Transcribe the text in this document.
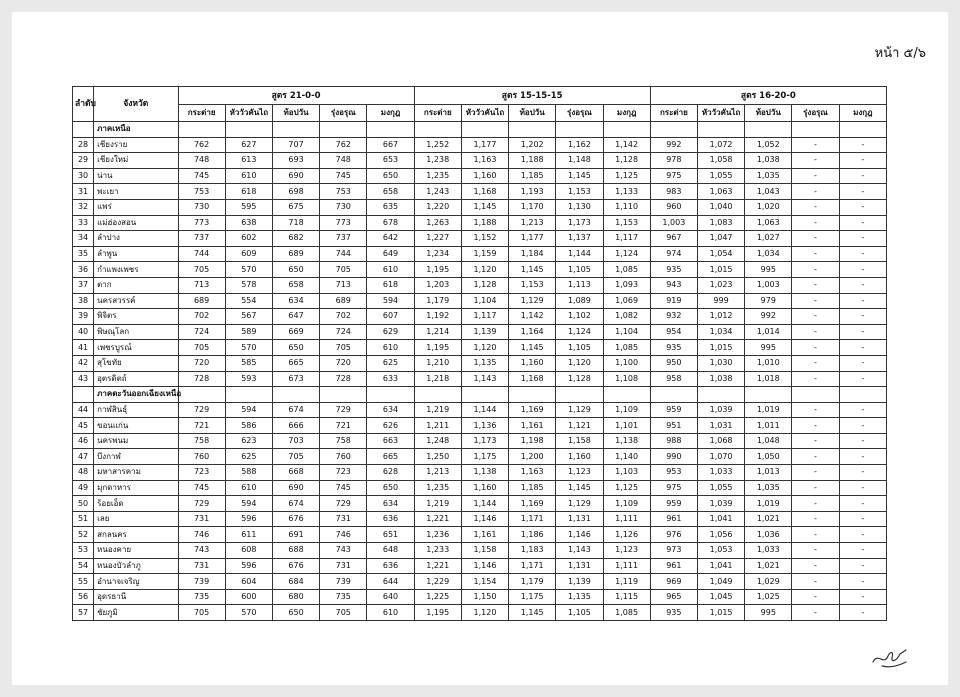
หน้า ๕/๖
ลำดับ	จังหวัด	สูตร 21-0-0					สูตร 15-15-15					สูตร 16-20-0				
		กระต่าย	หัววัวคันไถ	ท้อปวัน	รุ่งอรุณ	มงกุฎ	กระต่าย	หัววัวคันไถ	ท้อปวัน	รุ่งอรุณ	มงกุฎ	กระต่าย	หัววัวคันไถ	ท้อปวัน	รุ่งอรุณ	มงกุฎ
	ภาคเหนือ															
28	เชียงราย	762	627	707	762	667	1,252	1,177	1,202	1,162	1,142	992	1,072	1,052	-	-
29	เชียงใหม่	748	613	693	748	653	1,238	1,163	1,188	1,148	1,128	978	1,058	1,038	-	-
30	น่าน	745	610	690	745	650	1,235	1,160	1,185	1,145	1,125	975	1,055	1,035	-	-
31	พะเยา	753	618	698	753	658	1,243	1,168	1,193	1,153	1,133	983	1,063	1,043	-	-
32	แพร่	730	595	675	730	635	1,220	1,145	1,170	1,130	1,110	960	1,040	1,020	-	-
33	แม่ฮ่องสอน	773	638	718	773	678	1,263	1,188	1,213	1,173	1,153	1,003	1,083	1,063	-	-
34	ลำปาง	737	602	682	737	642	1,227	1,152	1,177	1,137	1,117	967	1,047	1,027	-	-
35	ลำพูน	744	609	689	744	649	1,234	1,159	1,184	1,144	1,124	974	1,054	1,034	-	-
36	กำแพงเพชร	705	570	650	705	610	1,195	1,120	1,145	1,105	1,085	935	1,015	995	-	-
37	ตาก	713	578	658	713	618	1,203	1,128	1,153	1,113	1,093	943	1,023	1,003	-	-
38	นครสวรรค์	689	554	634	689	594	1,179	1,104	1,129	1,089	1,069	919	999	979	-	-
39	พิจิตร	702	567	647	702	607	1,192	1,117	1,142	1,102	1,082	932	1,012	992	-	-
40	พิษณุโลก	724	589	669	724	629	1,214	1,139	1,164	1,124	1,104	954	1,034	1,014	-	-
41	เพชรบูรณ์	705	570	650	705	610	1,195	1,120	1,145	1,105	1,085	935	1,015	995	-	-
42	สุโขทัย	720	585	665	720	625	1,210	1,135	1,160	1,120	1,100	950	1,030	1,010	-	-
43	อุตรดิตถ์	728	593	673	728	633	1,218	1,143	1,168	1,128	1,108	958	1,038	1,018	-	-
	ภาคตะวันออกเฉียงเหนือ															
44	กาฬสินธุ์	729	594	674	729	634	1,219	1,144	1,169	1,129	1,109	959	1,039	1,019	-	-
45	ขอนแก่น	721	586	666	721	626	1,211	1,136	1,161	1,121	1,101	951	1,031	1,011	-	-
46	นครพนม	758	623	703	758	663	1,248	1,173	1,198	1,158	1,138	988	1,068	1,048	-	-
47	บึงกาฬ	760	625	705	760	665	1,250	1,175	1,200	1,160	1,140	990	1,070	1,050	-	-
48	มหาสารคาม	723	588	668	723	628	1,213	1,138	1,163	1,123	1,103	953	1,033	1,013	-	-
49	มุกดาหาร	745	610	690	745	650	1,235	1,160	1,185	1,145	1,125	975	1,055	1,035	-	-
50	ร้อยเอ็ด	729	594	674	729	634	1,219	1,144	1,169	1,129	1,109	959	1,039	1,019	-	-
51	เลย	731	596	676	731	636	1,221	1,146	1,171	1,131	1,111	961	1,041	1,021	-	-
52	สกลนคร	746	611	691	746	651	1,236	1,161	1,186	1,146	1,126	976	1,056	1,036	-	-
53	หนองคาย	743	608	688	743	648	1,233	1,158	1,183	1,143	1,123	973	1,053	1,033	-	-
54	หนองบัวลำภู	731	596	676	731	636	1,221	1,146	1,171	1,131	1,111	961	1,041	1,021	-	-
55	อำนาจเจริญ	739	604	684	739	644	1,229	1,154	1,179	1,139	1,119	969	1,049	1,029	-	-
56	อุดรธานี	735	600	680	735	640	1,225	1,150	1,175	1,135	1,115	965	1,045	1,025	-	-
57	ชัยภูมิ	705	570	650	705	610	1,195	1,120	1,145	1,105	1,085	935	1,015	995	-	-
